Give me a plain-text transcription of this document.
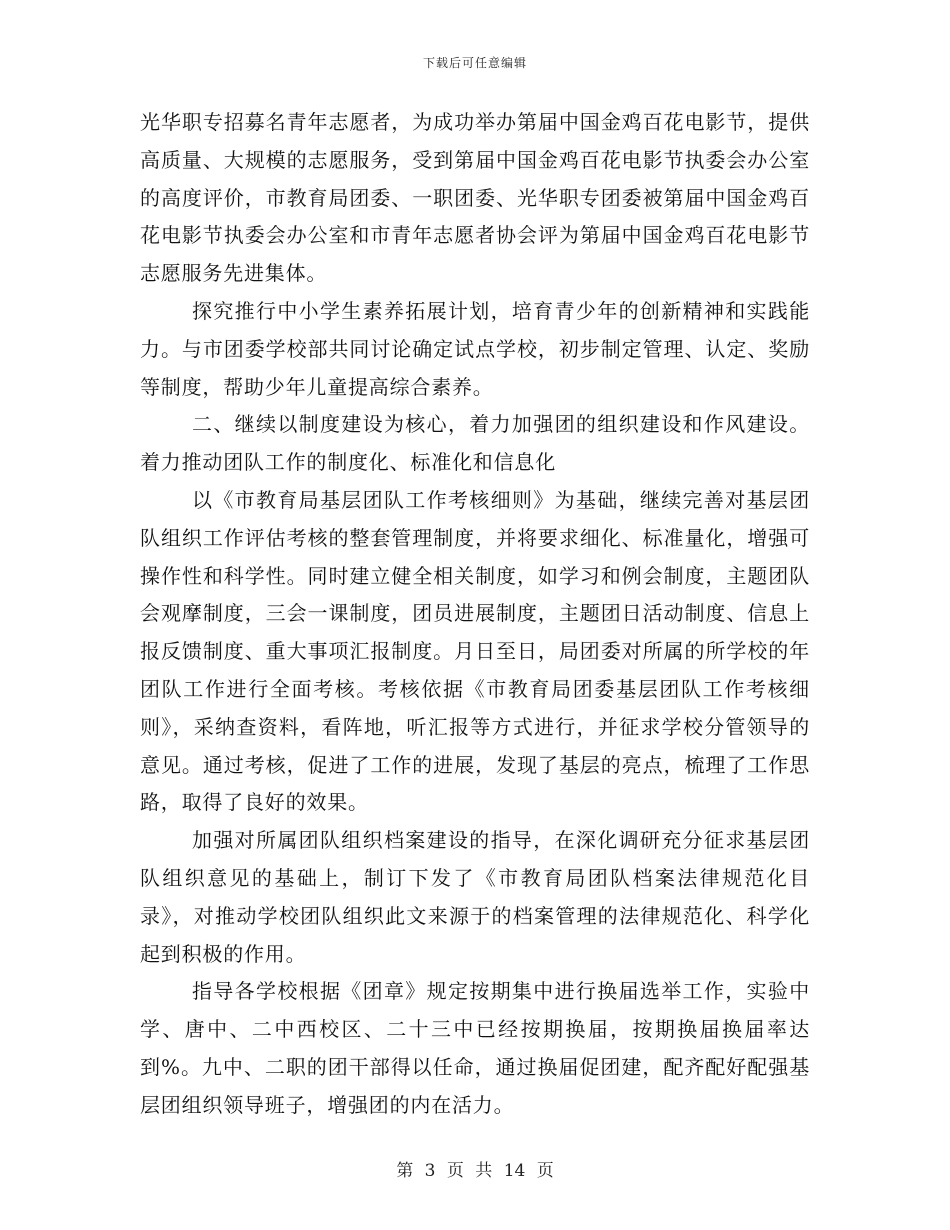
下载后可任意编辑

光华职专招募名青年志愿者，为成功举办第届中国金鸡百花电影节，提供高质量、大规模的志愿服务，受到第届中国金鸡百花电影节执委会办公室的高度评价，市教育局团委、一职团委、光华职专团委被第届中国金鸡百花电影节执委会办公室和市青年志愿者协会评为第届中国金鸡百花电影节志愿服务先进集体。

探究推行中小学生素养拓展计划，培育青少年的创新精神和实践能力。与市团委学校部共同讨论确定试点学校，初步制定管理、认定、奖励等制度，帮助少年儿童提高综合素养。

二、继续以制度建设为核心，着力加强团的组织建设和作风建设。着力推动团队工作的制度化、标准化和信息化

以《市教育局基层团队工作考核细则》为基础，继续完善对基层团队组织工作评估考核的整套管理制度，并将要求细化、标准量化，增强可操作性和科学性。同时建立健全相关制度，如学习和例会制度，主题团队会观摩制度，三会一课制度，团员进展制度，主题团日活动制度、信息上报反馈制度、重大事项汇报制度。月日至日，局团委对所属的所学校的年团队工作进行全面考核。考核依据《市教育局团委基层团队工作考核细则》，采纳查资料，看阵地，听汇报等方式进行，并征求学校分管领导的意见。通过考核，促进了工作的进展，发现了基层的亮点，梳理了工作思路，取得了良好的效果。

加强对所属团队组织档案建设的指导，在深化调研充分征求基层团队组织意见的基础上，制订下发了《市教育局团队档案法律规范化目录》，对推动学校团队组织此文来源于的档案管理的法律规范化、科学化起到积极的作用。

指导各学校根据《团章》规定按期集中进行换届选举工作，实验中学、唐中、二中西校区、二十三中已经按期换届，按期换届换届率达到%。九中、二职的团干部得以任命，通过换届促团建，配齐配好配强基层团组织领导班子，增强团的内在活力。

第 3 页 共 14 页
